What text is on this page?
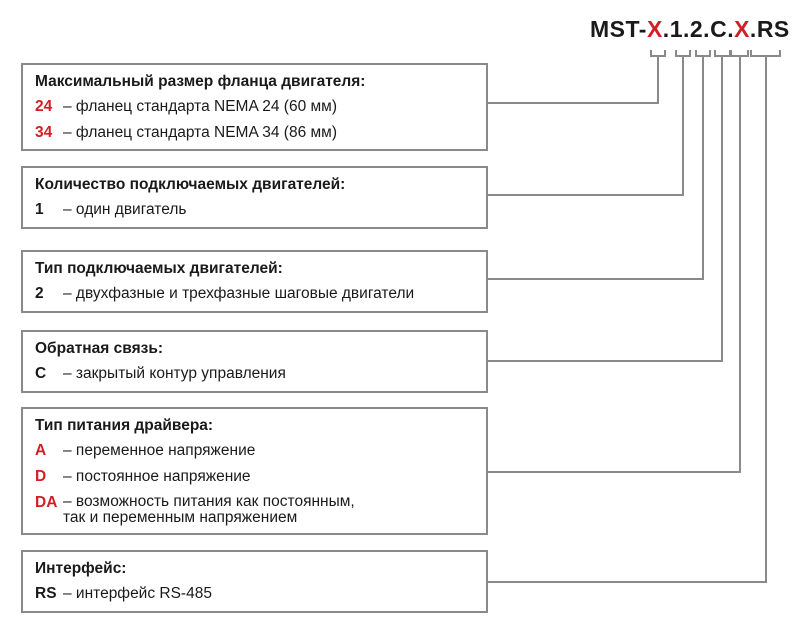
MST-X.1.2.C.X.RS
Максимальный размер фланца двигателя:
24 – фланец стандарта NEMA 24 (60 мм)
34 – фланец стандарта NEMA 34 (86 мм)
Количество подключаемых двигателей:
1	– один двигатель
Тип подключаемых двигателей:
2	– двухфазные и трехфазные шаговые двигатели
Обратная связь:
С	– закрытый контур управления
Тип питания драйвера:
A	– переменное напряжение
D	– постоянное напряжение
DA – возможность питания как постоянным,
так и переменным напряжением
Интерфейс:
RS – интерфейс RS-485
